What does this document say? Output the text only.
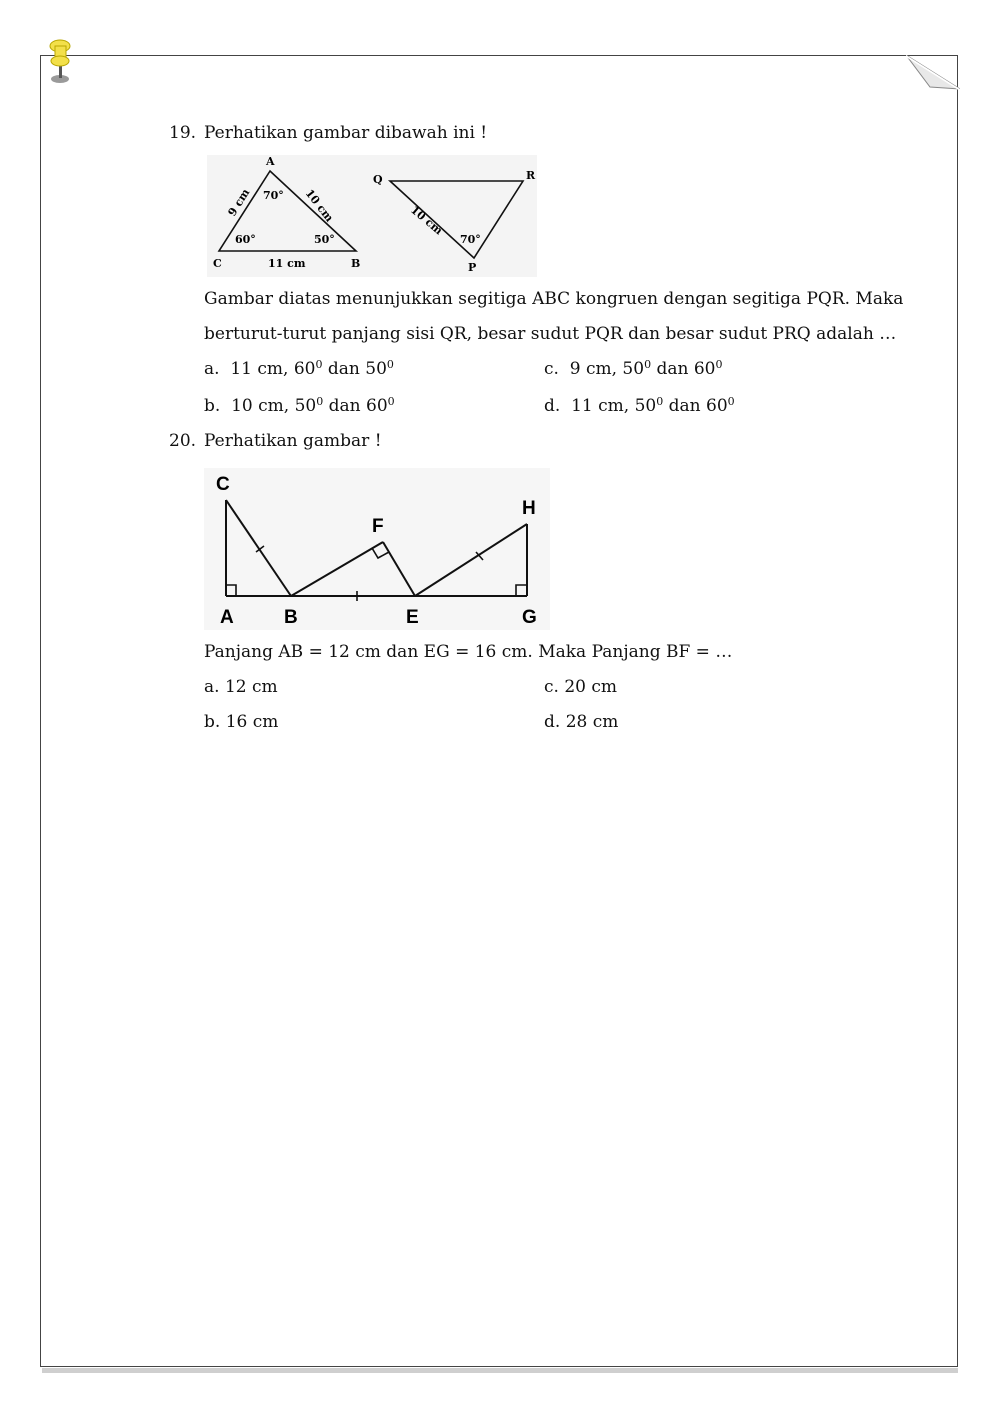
19. Perhatikan gambar dibawah ini !
A
C	B
70°
60°	50°
9 cm	10 cm
11 cm
Q	R
P
70°
10 cm
Gambar diatas menunjukkan segitiga ABC kongruen dengan segitiga PQR. Maka
berturut-turut panjang sisi QR, besar sudut PQR dan besar sudut PRQ adalah …
a. 11 cm, $60^0$ dan $50^0$
b. 10 cm, $50^0$ dan $60^0$
c. 9 cm, $50^0$ dan $60^0$
d. 11 cm, $50^0$ dan $60^0$
20. Perhatikan gambar !
C
A	B
F
E
H
G
Panjang AB = 12 cm dan EG = 16 cm. Maka Panjang BF = …
a. 12 cm
b. 16 cm
c. 20 cm
d. 28 cm
